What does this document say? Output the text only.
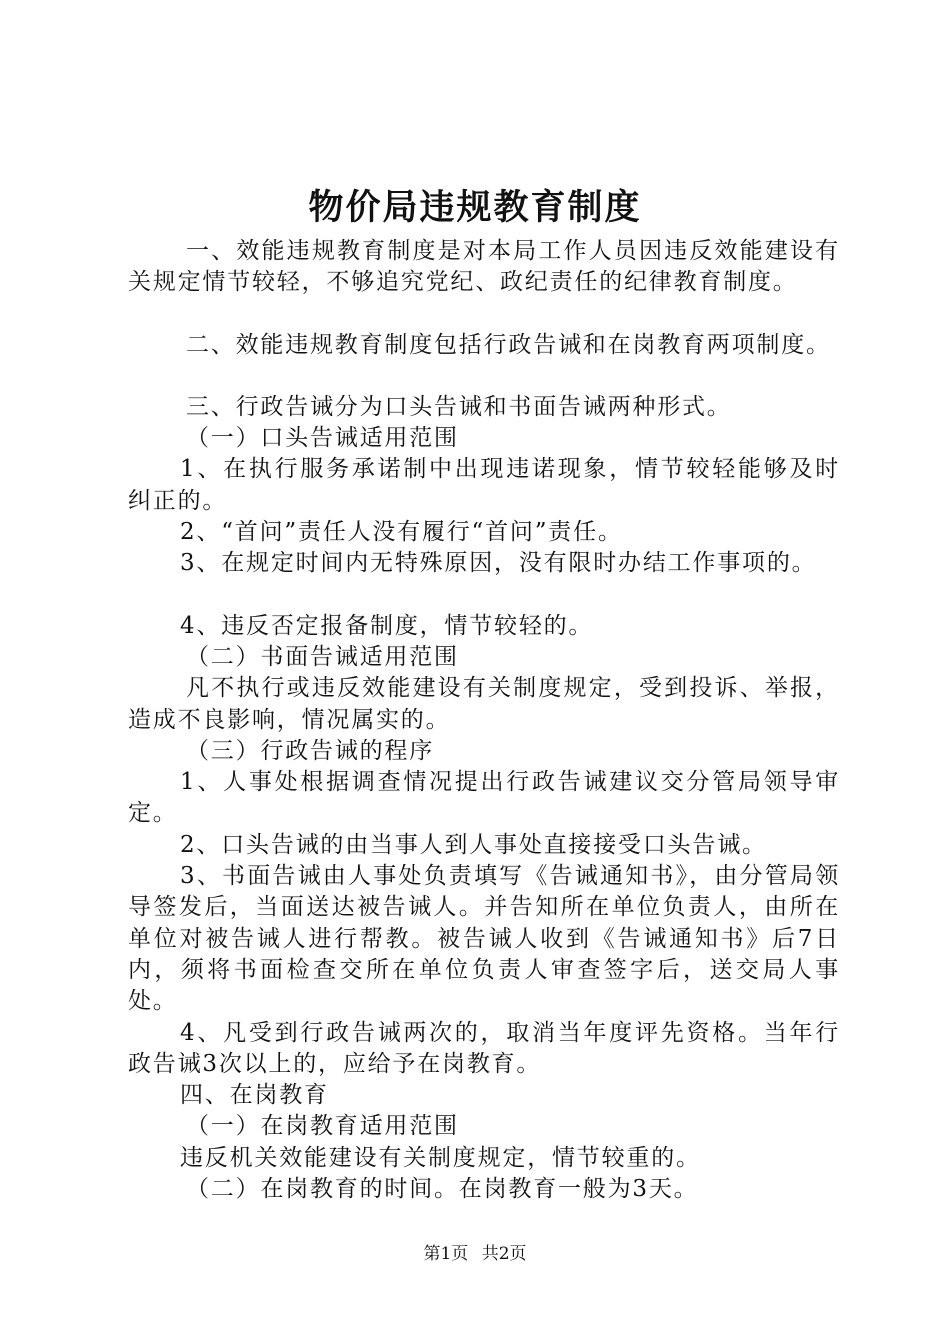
物价局违规教育制度

一、效能违规教育制度是对本局工作人员因违反效能建设有关规定情节较轻，不够追究党纪、政纪责任的纪律教育制度。

二、效能违规教育制度包括行政告诫和在岗教育两项制度。

三、行政告诫分为口头告诫和书面告诫两种形式。

（一）口头告诫适用范围

1、在执行服务承诺制中出现违诺现象，情节较轻能够及时纠正的。

2、“首问”责任人没有履行“首问”责任。

3、在规定时间内无特殊原因，没有限时办结工作事项的。

4、违反否定报备制度，情节较轻的。

（二）书面告诫适用范围

凡不执行或违反效能建设有关制度规定，受到投诉、举报，造成不良影响，情况属实的。

（三）行政告诫的程序

1、人事处根据调查情况提出行政告诫建议交分管局领导审定。

2、口头告诫的由当事人到人事处直接接受口头告诫。

3、书面告诫由人事处负责填写《告诫通知书》，由分管局领导签发后，当面送达被告诫人。并告知所在单位负责人，由所在单位对被告诫人进行帮教。被告诫人收到《告诫通知书》后7日内，须将书面检查交所在单位负责人审查签字后，送交局人事处。

4、凡受到行政告诫两次的，取消当年度评先资格。当年行政告诫3次以上的，应给予在岗教育。

四、在岗教育

（一）在岗教育适用范围

违反机关效能建设有关制度规定，情节较重的。

（二）在岗教育的时间。在岗教育一般为3天。

第1页 共2页
